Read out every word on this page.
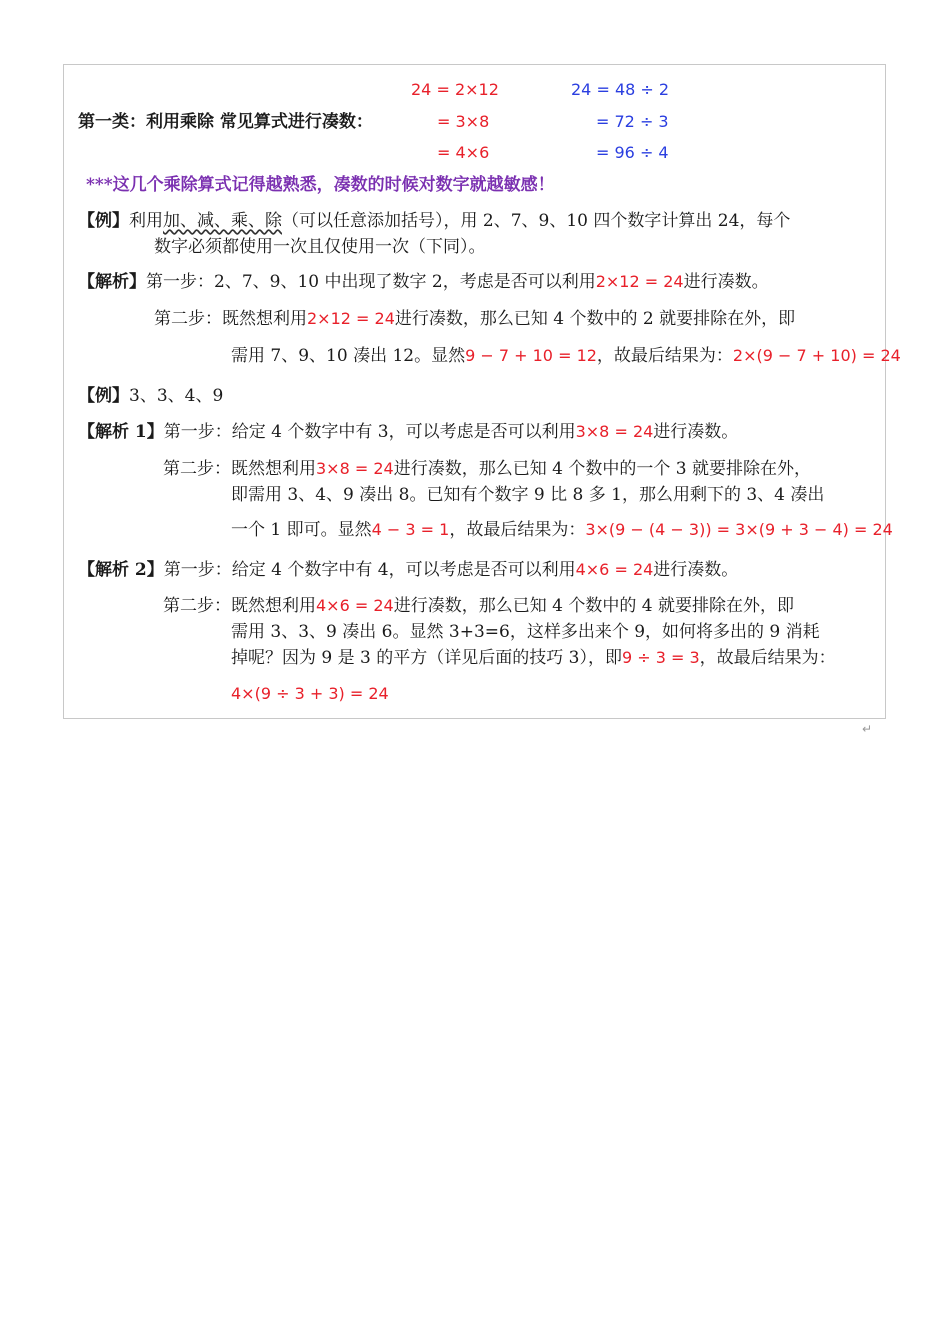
24 = 2×12
= 3×8
= 4×6
24 = 48 ÷ 2
= 72 ÷ 3
= 96 ÷ 4
第一类：利用乘除 常见算式进行凑数：
***这几个乘除算式记得越熟悉，凑数的时候对数字就越敏感！
【例】利用加、减、乘、除（可以任意添加括号），用 2、7、9、10 四个数字计算出 24，每个
数字必须都使用一次且仅使用一次（下同）。
【解析】第一步：2、7、9、10 中出现了数字 2，考虑是否可以利用2×12 = 24进行凑数。
第二步：既然想利用2×12 = 24进行凑数，那么已知 4 个数中的 2 就要排除在外，即
需用 7、9、10 凑出 12。显然9 − 7 + 10 = 12，故最后结果为：2×(9 − 7 + 10) = 24
【例】3、3、4、9
【解析 1】第一步：给定 4 个数字中有 3，可以考虑是否可以利用3×8 = 24进行凑数。
第二步：既然想利用3×8 = 24进行凑数，那么已知 4 个数中的一个 3 就要排除在外，
即需用 3、4、9 凑出 8。已知有个数字 9 比 8 多 1，那么用剩下的 3、4 凑出
一个 1 即可。显然4 − 3 = 1，故最后结果为：3×(9 − (4 − 3)) = 3×(9 + 3 − 4) = 24
【解析 2】第一步：给定 4 个数字中有 4，可以考虑是否可以利用4×6 = 24进行凑数。
第二步：既然想利用4×6 = 24进行凑数，那么已知 4 个数中的 4 就要排除在外，即
需用 3、3、9 凑出 6。显然 3+3=6，这样多出来个 9，如何将多出的 9 消耗
掉呢？因为 9 是 3 的平方（详见后面的技巧 3），即9 ÷ 3 = 3，故最后结果为：
4×(9 ÷ 3 + 3) = 24
↵
